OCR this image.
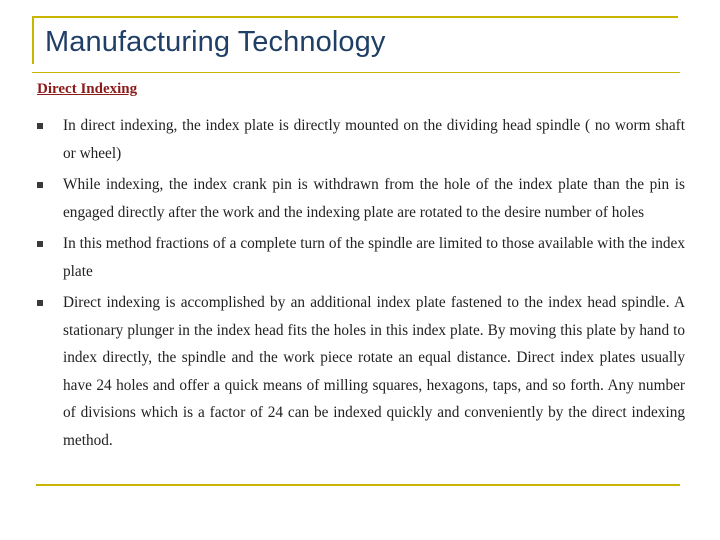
Manufacturing Technology
Direct Indexing
In direct indexing, the index plate is directly mounted on the dividing head spindle ( no worm shaft or wheel)
While indexing, the index crank pin is withdrawn from the hole of the index plate than the pin is engaged directly after the work and the indexing plate are rotated to the desire number of holes
In this method fractions of a complete turn of the spindle are limited to those available with the index plate
Direct indexing is accomplished by an additional index plate fastened to the index head spindle. A stationary plunger in the index head fits the holes in this index plate. By moving this plate by hand to index directly, the spindle and the work piece rotate an equal distance. Direct index plates usually have 24 holes and offer a quick means of milling squares, hexagons, taps, and so forth. Any number of divisions which is a factor of 24 can be indexed quickly and conveniently by the direct indexing method.
